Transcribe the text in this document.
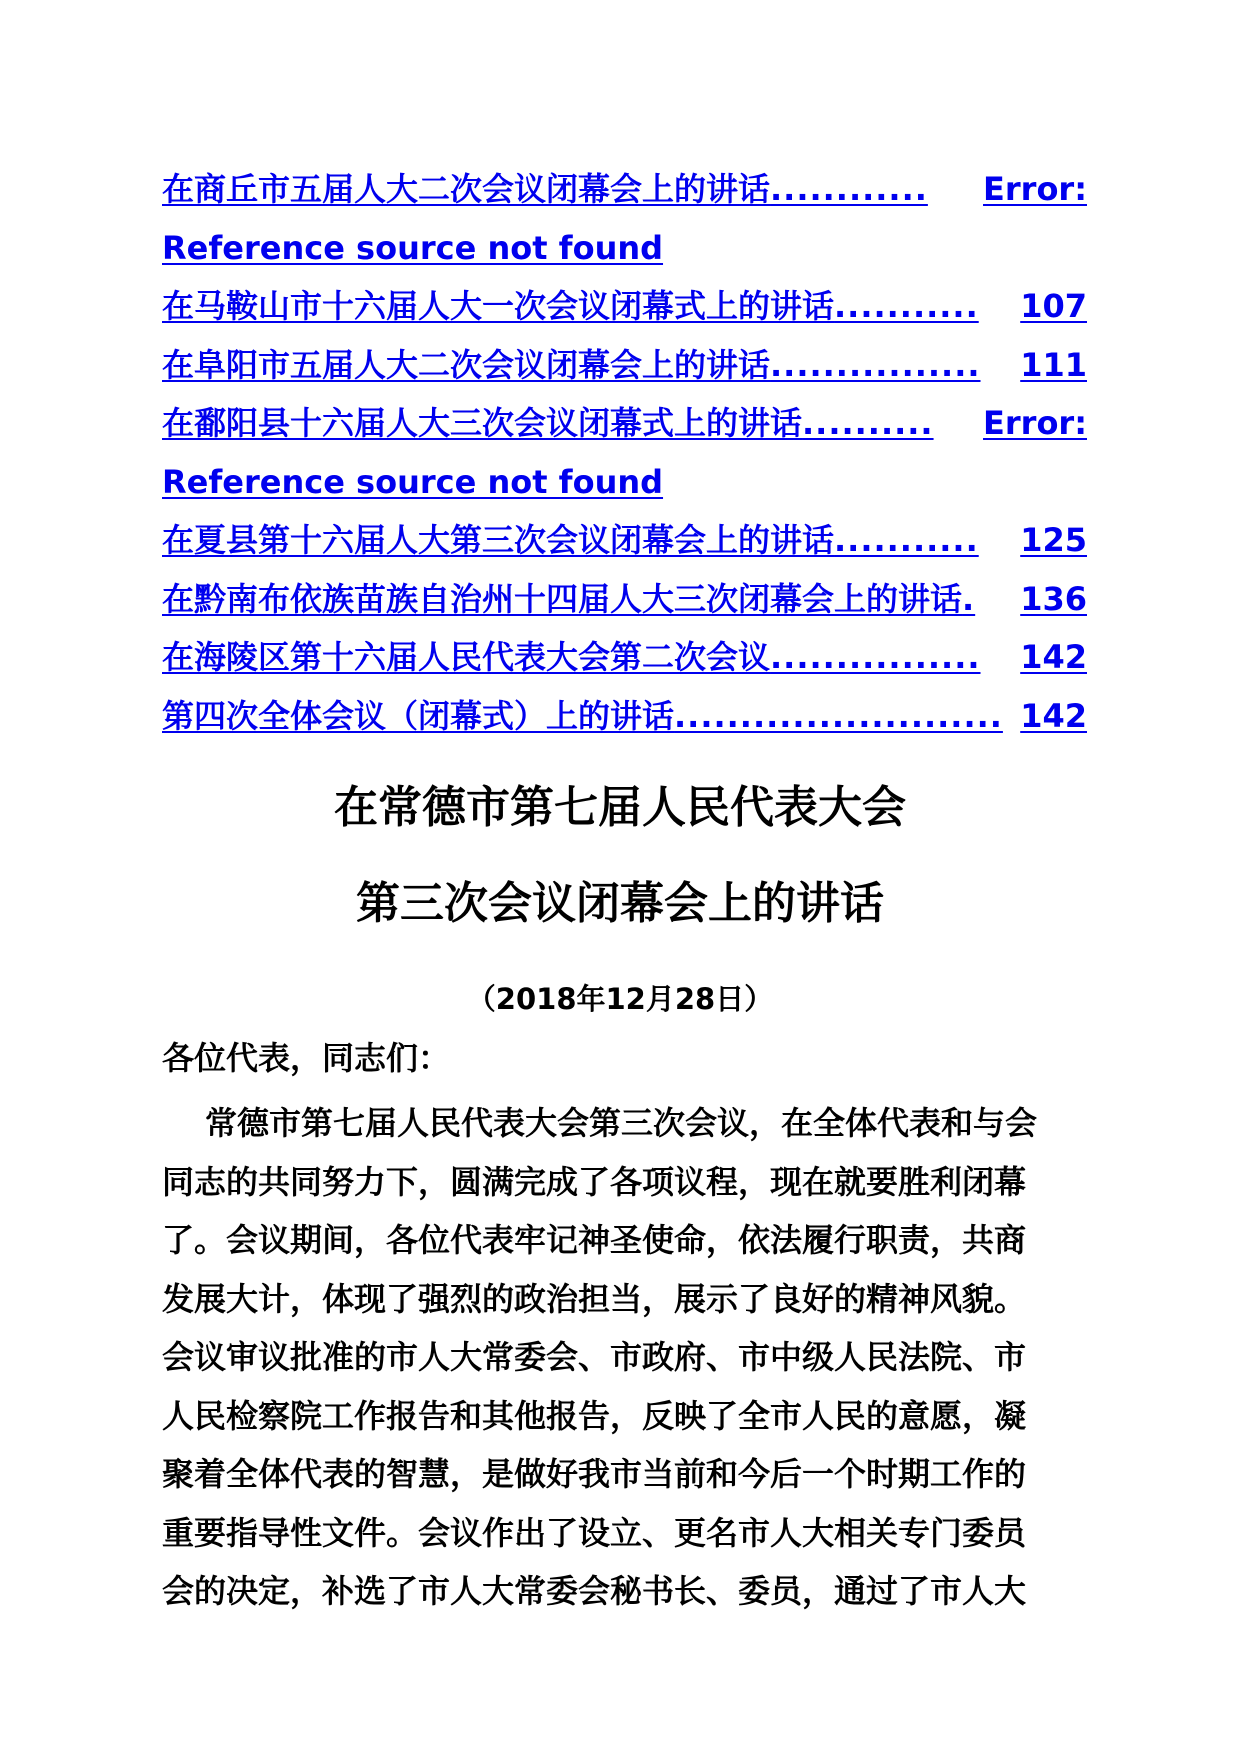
在商丘市五届人大二次会议闭幕会上的讲话 ............	Error:
Reference source not found
在马鞍山市十六届人大一次会议闭幕式上的讲话 ...........	107
在阜阳市五届人大二次会议闭幕会上的讲话 ................	111
在鄱阳县十六届人大三次会议闭幕式上的讲话 ..........	Error:
Reference source not found
在夏县第十六届人大第三次会议闭幕会上的讲话 ...........	125
在黔南布依族苗族自治州十四届人大三次闭幕会上的讲话 .	136
在海陵区第十六届人民代表大会第二次会议 ................	142
第四次全体会议（闭幕式）上的讲话 ......................... 142
在常德市第七届人民代表大会
第三次会议闭幕会上的讲话
（2018年12月28日）
各位代表，同志们：
常德市第七届人民代表大会第三次会议，在全体代表和与会
同志的共同努力下，圆满完成了各项议程，现在就要胜利闭幕
了。会议期间，各位代表牢记神圣使命，依法履行职责，共商
发展大计，体现了强烈的政治担当，展示了良好的精神风貌。
会议审议批准的市人大常委会、市政府、市中级人民法院、市
人民检察院工作报告和其他报告，反映了全市人民的意愿，凝
聚着全体代表的智慧，是做好我市当前和今后一个时期工作的
重要指导性文件。会议作出了设立、更名市人大相关专门委员
会的决定，补选了市人大常委会秘书长、委员，通过了市人大
